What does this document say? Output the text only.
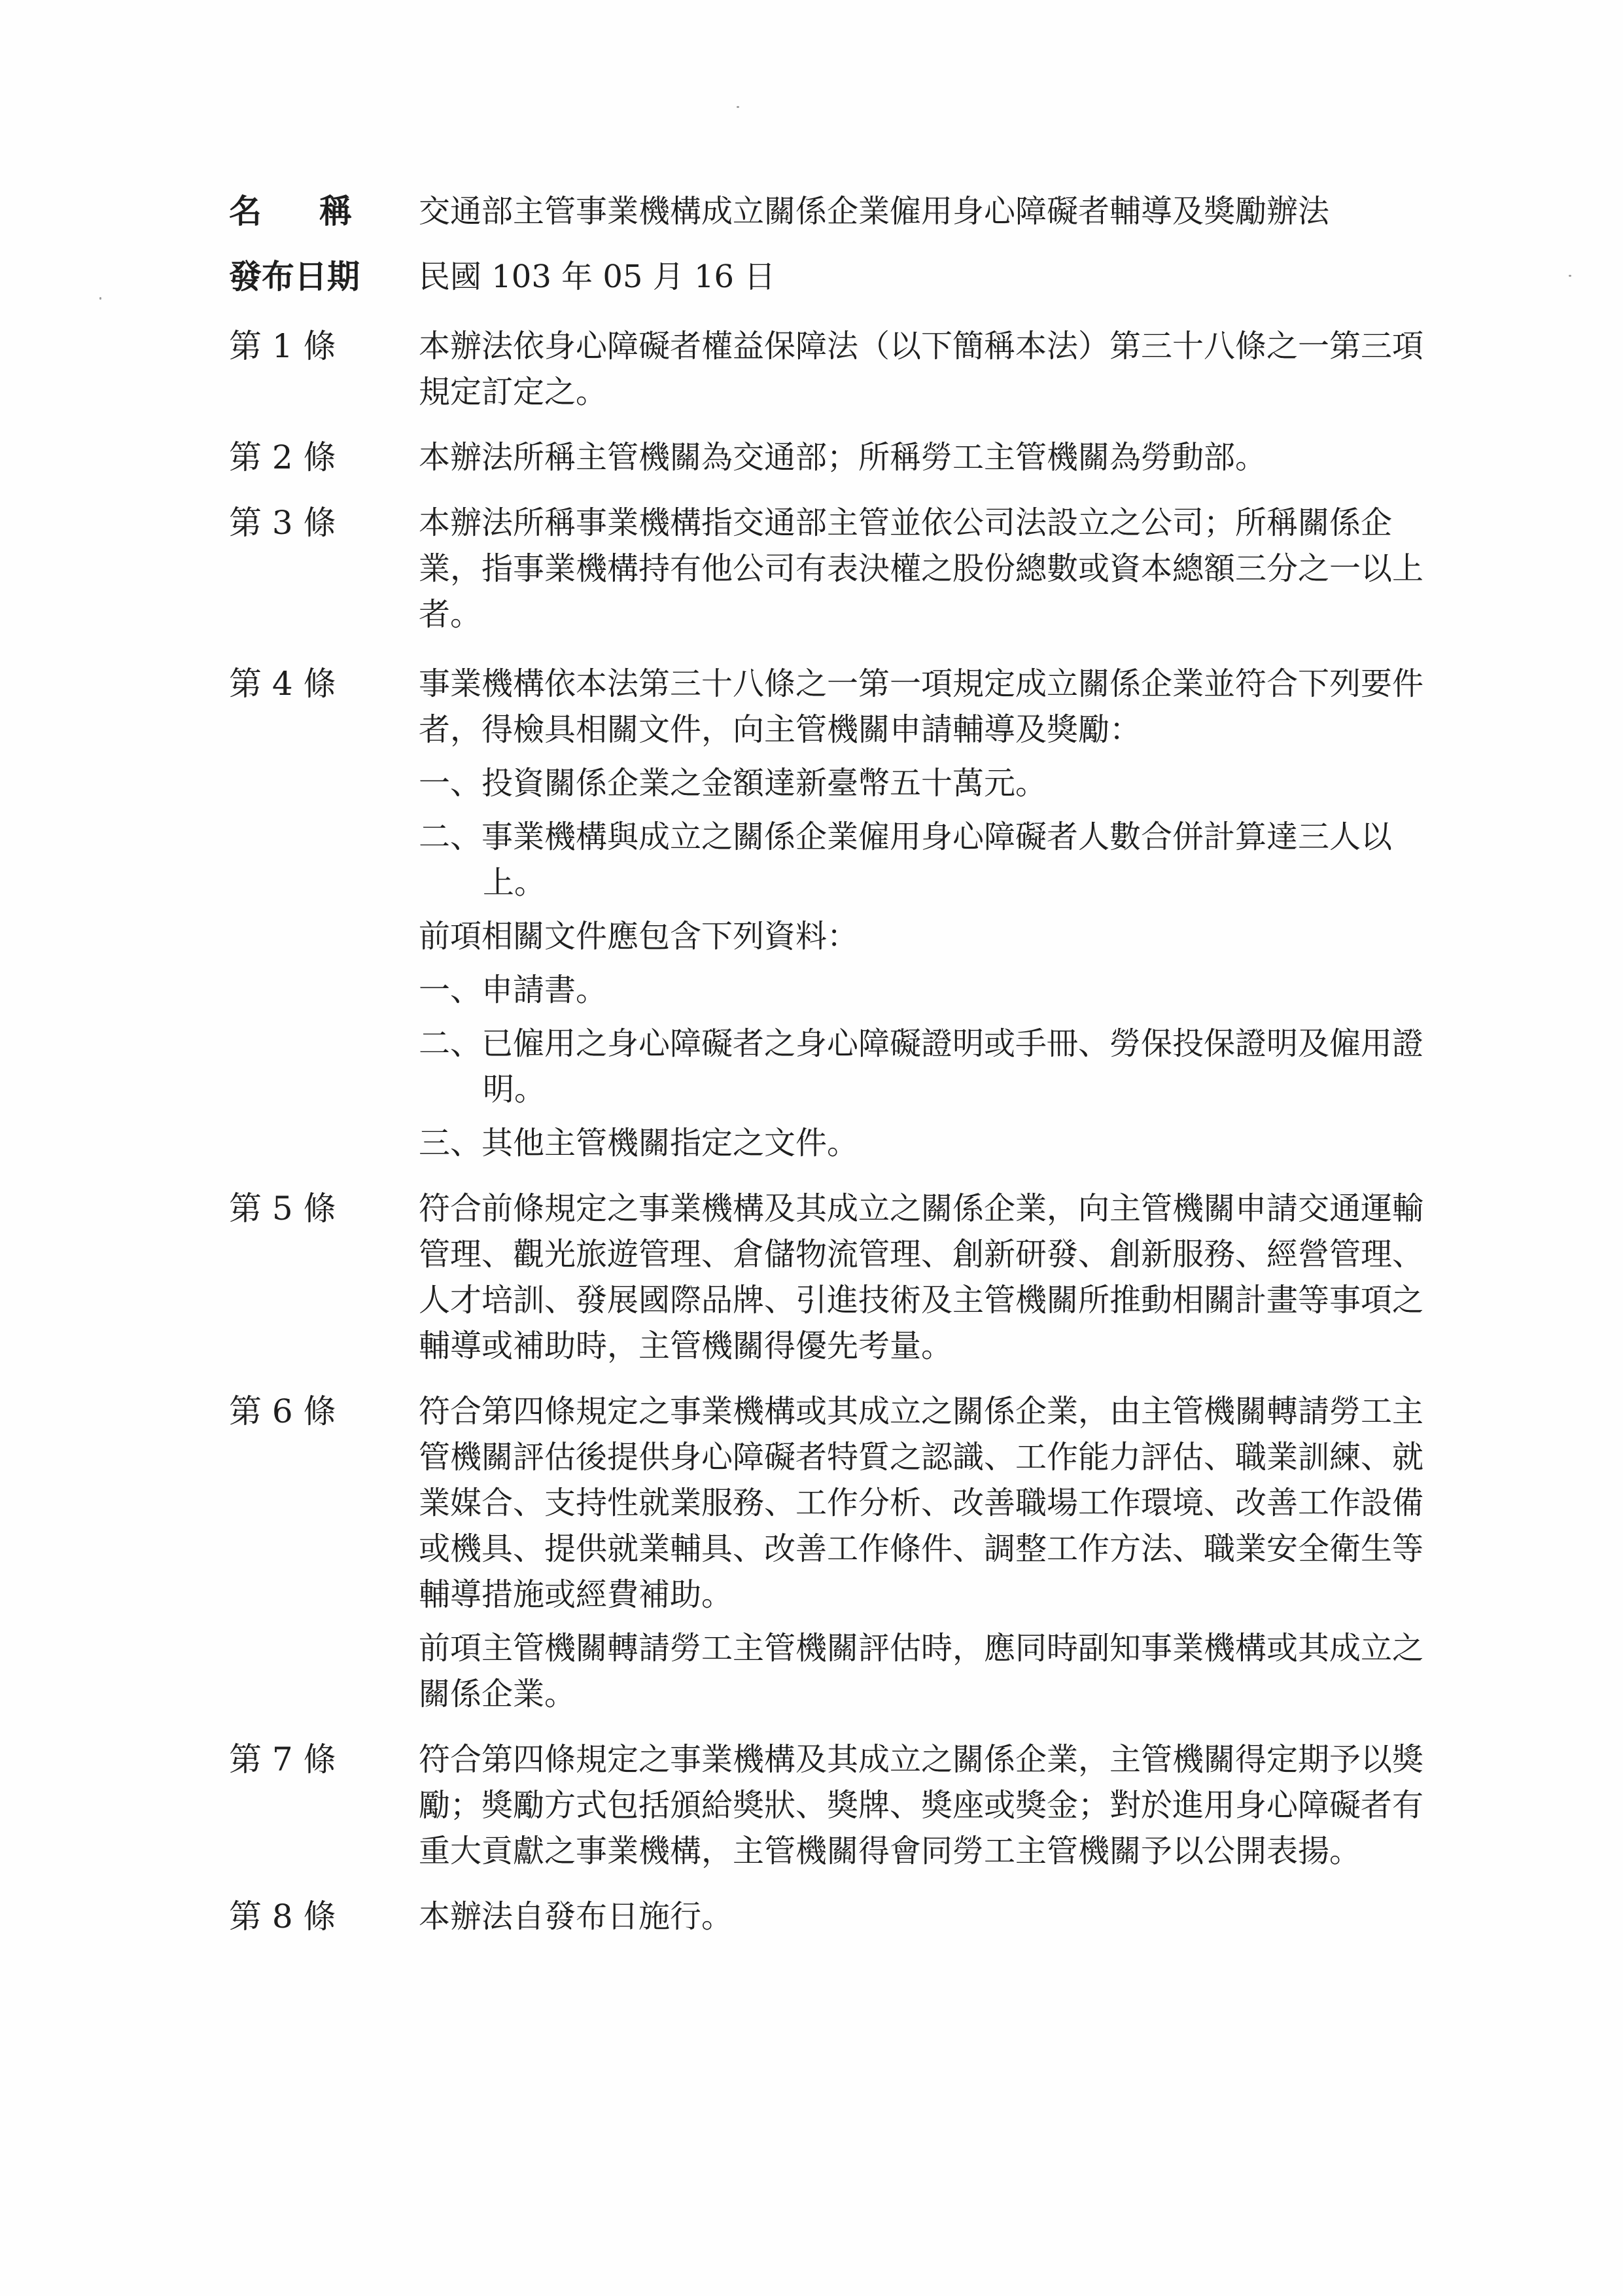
名稱 交通部主管事業機構成立關係企業僱用身心障礙者輔導及獎勵辦法
發布日期	民國 103 年 05 月 16 日
第 1 條	本辦法依身心障礙者權益保障法（以下簡稱本法）第三十八條之一第三項規定訂定之。

第 2 條	本辦法所稱主管機關為交通部；所稱勞工主管機關為勞動部。

第 3 條	本辦法所稱事業機構指交通部主管並依公司法設立之公司；所稱關係企業，指事業機構持有他公司有表決權之股份總數或資本總額三分之一以上者。

第 4 條	事業機構依本法第三十八條之一第一項規定成立關係企業並符合下列要件者，得檢具相關文件，向主管機關申請輔導及獎勵：

一、投資關係企業之金額達新臺幣五十萬元。

二、事業機構與成立之關係企業僱用身心障礙者人數合併計算達三人以上。

前項相關文件應包含下列資料：

一、申請書。

二、已僱用之身心障礙者之身心障礙證明或手冊、勞保投保證明及僱用證明。

三、其他主管機關指定之文件。

第 5 條	符合前條規定之事業機構及其成立之關係企業，向主管機關申請交通運輸管理、觀光旅遊管理、倉儲物流管理、創新研發、創新服務、經營管理、人才培訓、發展國際品牌、引進技術及主管機關所推動相關計畫等事項之輔導或補助時，主管機關得優先考量。

第 6 條	符合第四條規定之事業機構或其成立之關係企業，由主管機關轉請勞工主管機關評估後提供身心障礙者特質之認識、工作能力評估、職業訓練、就業媒合、支持性就業服務、工作分析、改善職場工作環境、改善工作設備或機具、提供就業輔具、改善工作條件、調整工作方法、職業安全衛生等輔導措施或經費補助。

前項主管機關轉請勞工主管機關評估時，應同時副知事業機構或其成立之關係企業。

第 7 條	符合第四條規定之事業機構及其成立之關係企業，主管機關得定期予以獎勵；獎勵方式包括頒給獎狀、獎牌、獎座或獎金；對於進用身心障礙者有重大貢獻之事業機構，主管機關得會同勞工主管機關予以公開表揚。

第 8 條	本辦法自發布日施行。
